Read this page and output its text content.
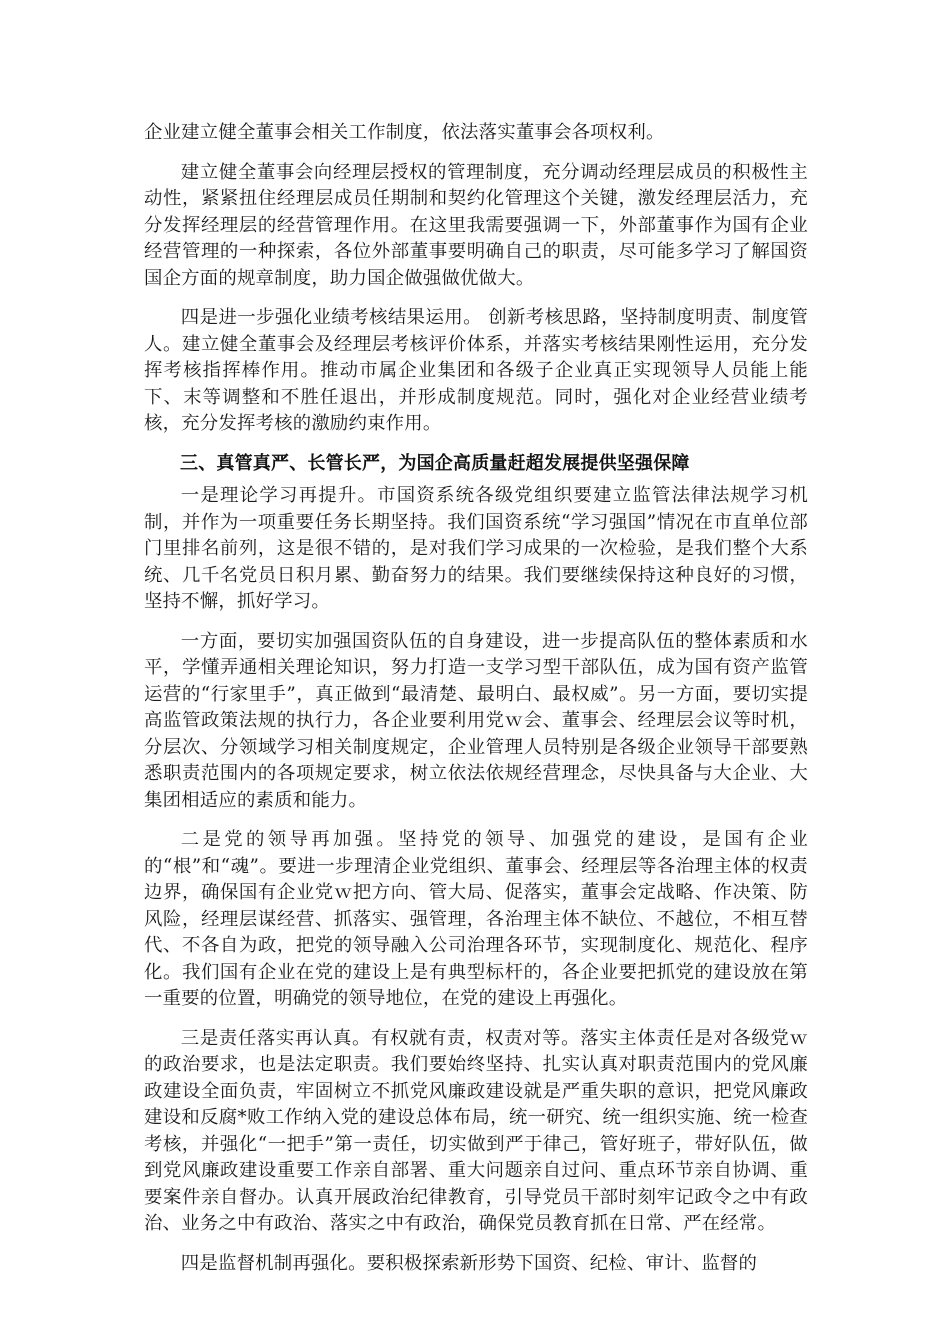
企业建立健全董事会相关工作制度，依法落实董事会各项权利。

建立健全董事会向经理层授权的管理制度，充分调动经理层成员的积极性主动性，紧紧扭住经理层成员任期制和契约化管理这个关键，激发经理层活力，充分发挥经理层的经营管理作用。在这里我需要强调一下，外部董事作为国有企业经营管理的一种探索，各位外部董事要明确自己的职责，尽可能多学习了解国资国企方面的规章制度，助力国企做强做优做大。

四是进一步强化业绩考核结果运用。 创新考核思路，坚持制度明责、制度管人。建立健全董事会及经理层考核评价体系，并落实考核结果刚性运用，充分发挥考核指挥棒作用。推动市属企业集团和各级子企业真正实现领导人员能上能下、末等调整和不胜任退出，并形成制度规范。同时，强化对企业经营业绩考核，充分发挥考核的激励约束作用。

三、真管真严、长管长严，为国企高质量赶超发展提供坚强保障

一是理论学习再提升。市国资系统各级党组织要建立监管法律法规学习机制，并作为一项重要任务长期坚持。我们国资系统“学习强国”情况在市直单位部门里排名前列，这是很不错的，是对我们学习成果的一次检验，是我们整个大系统、几千名党员日积月累、勤奋努力的结果。我们要继续保持这种良好的习惯，坚持不懈，抓好学习。

一方面，要切实加强国资队伍的自身建设，进一步提高队伍的整体素质和水平，学懂弄通相关理论知识，努力打造一支学习型干部队伍，成为国有资产监管运营的“行家里手”，真正做到“最清楚、最明白、最权威”。另一方面，要切实提高监管政策法规的执行力，各企业要利用党ｗ会、董事会、经理层会议等时机，分层次、分领域学习相关制度规定，企业管理人员特别是各级企业领导干部要熟悉职责范围内的各项规定要求，树立依法依规经营理念，尽快具备与大企业、大集团相适应的素质和能力。

二是党的领导再加强。坚持党的领导、加强党的建设，是国有企业的“根”和“魂”。要进一步理清企业党组织、董事会、经理层等各治理主体的权责边界，确保国有企业党ｗ把方向、管大局、促落实，董事会定战略、作决策、防风险，经理层谋经营、抓落实、强管理，各治理主体不缺位、不越位，不相互替代、不各自为政，把党的领导融入公司治理各环节，实现制度化、规范化、程序化。我们国有企业在党的建设上是有典型标杆的，各企业要把抓党的建设放在第一重要的位置，明确党的领导地位，在党的建设上再强化。

三是责任落实再认真。有权就有责，权责对等。落实主体责任是对各级党ｗ的政治要求，也是法定职责。我们要始终坚持、扎实认真对职责范围内的党风廉政建设全面负责，牢固树立不抓党风廉政建设就是严重失职的意识，把党风廉政建设和反腐*败工作纳入党的建设总体布局，统一研究、统一组织实施、统一检查考核，并强化“一把手”第一责任，切实做到严于律己，管好班子，带好队伍，做到党风廉政建设重要工作亲自部署、重大问题亲自过问、重点环节亲自协调、重要案件亲自督办。认真开展政治纪律教育，引导党员干部时刻牢记政令之中有政治、业务之中有政治、落实之中有政治，确保党员教育抓在日常、严在经常。

四是监督机制再强化。要积极探索新形势下国资、纪检、审计、监督的
